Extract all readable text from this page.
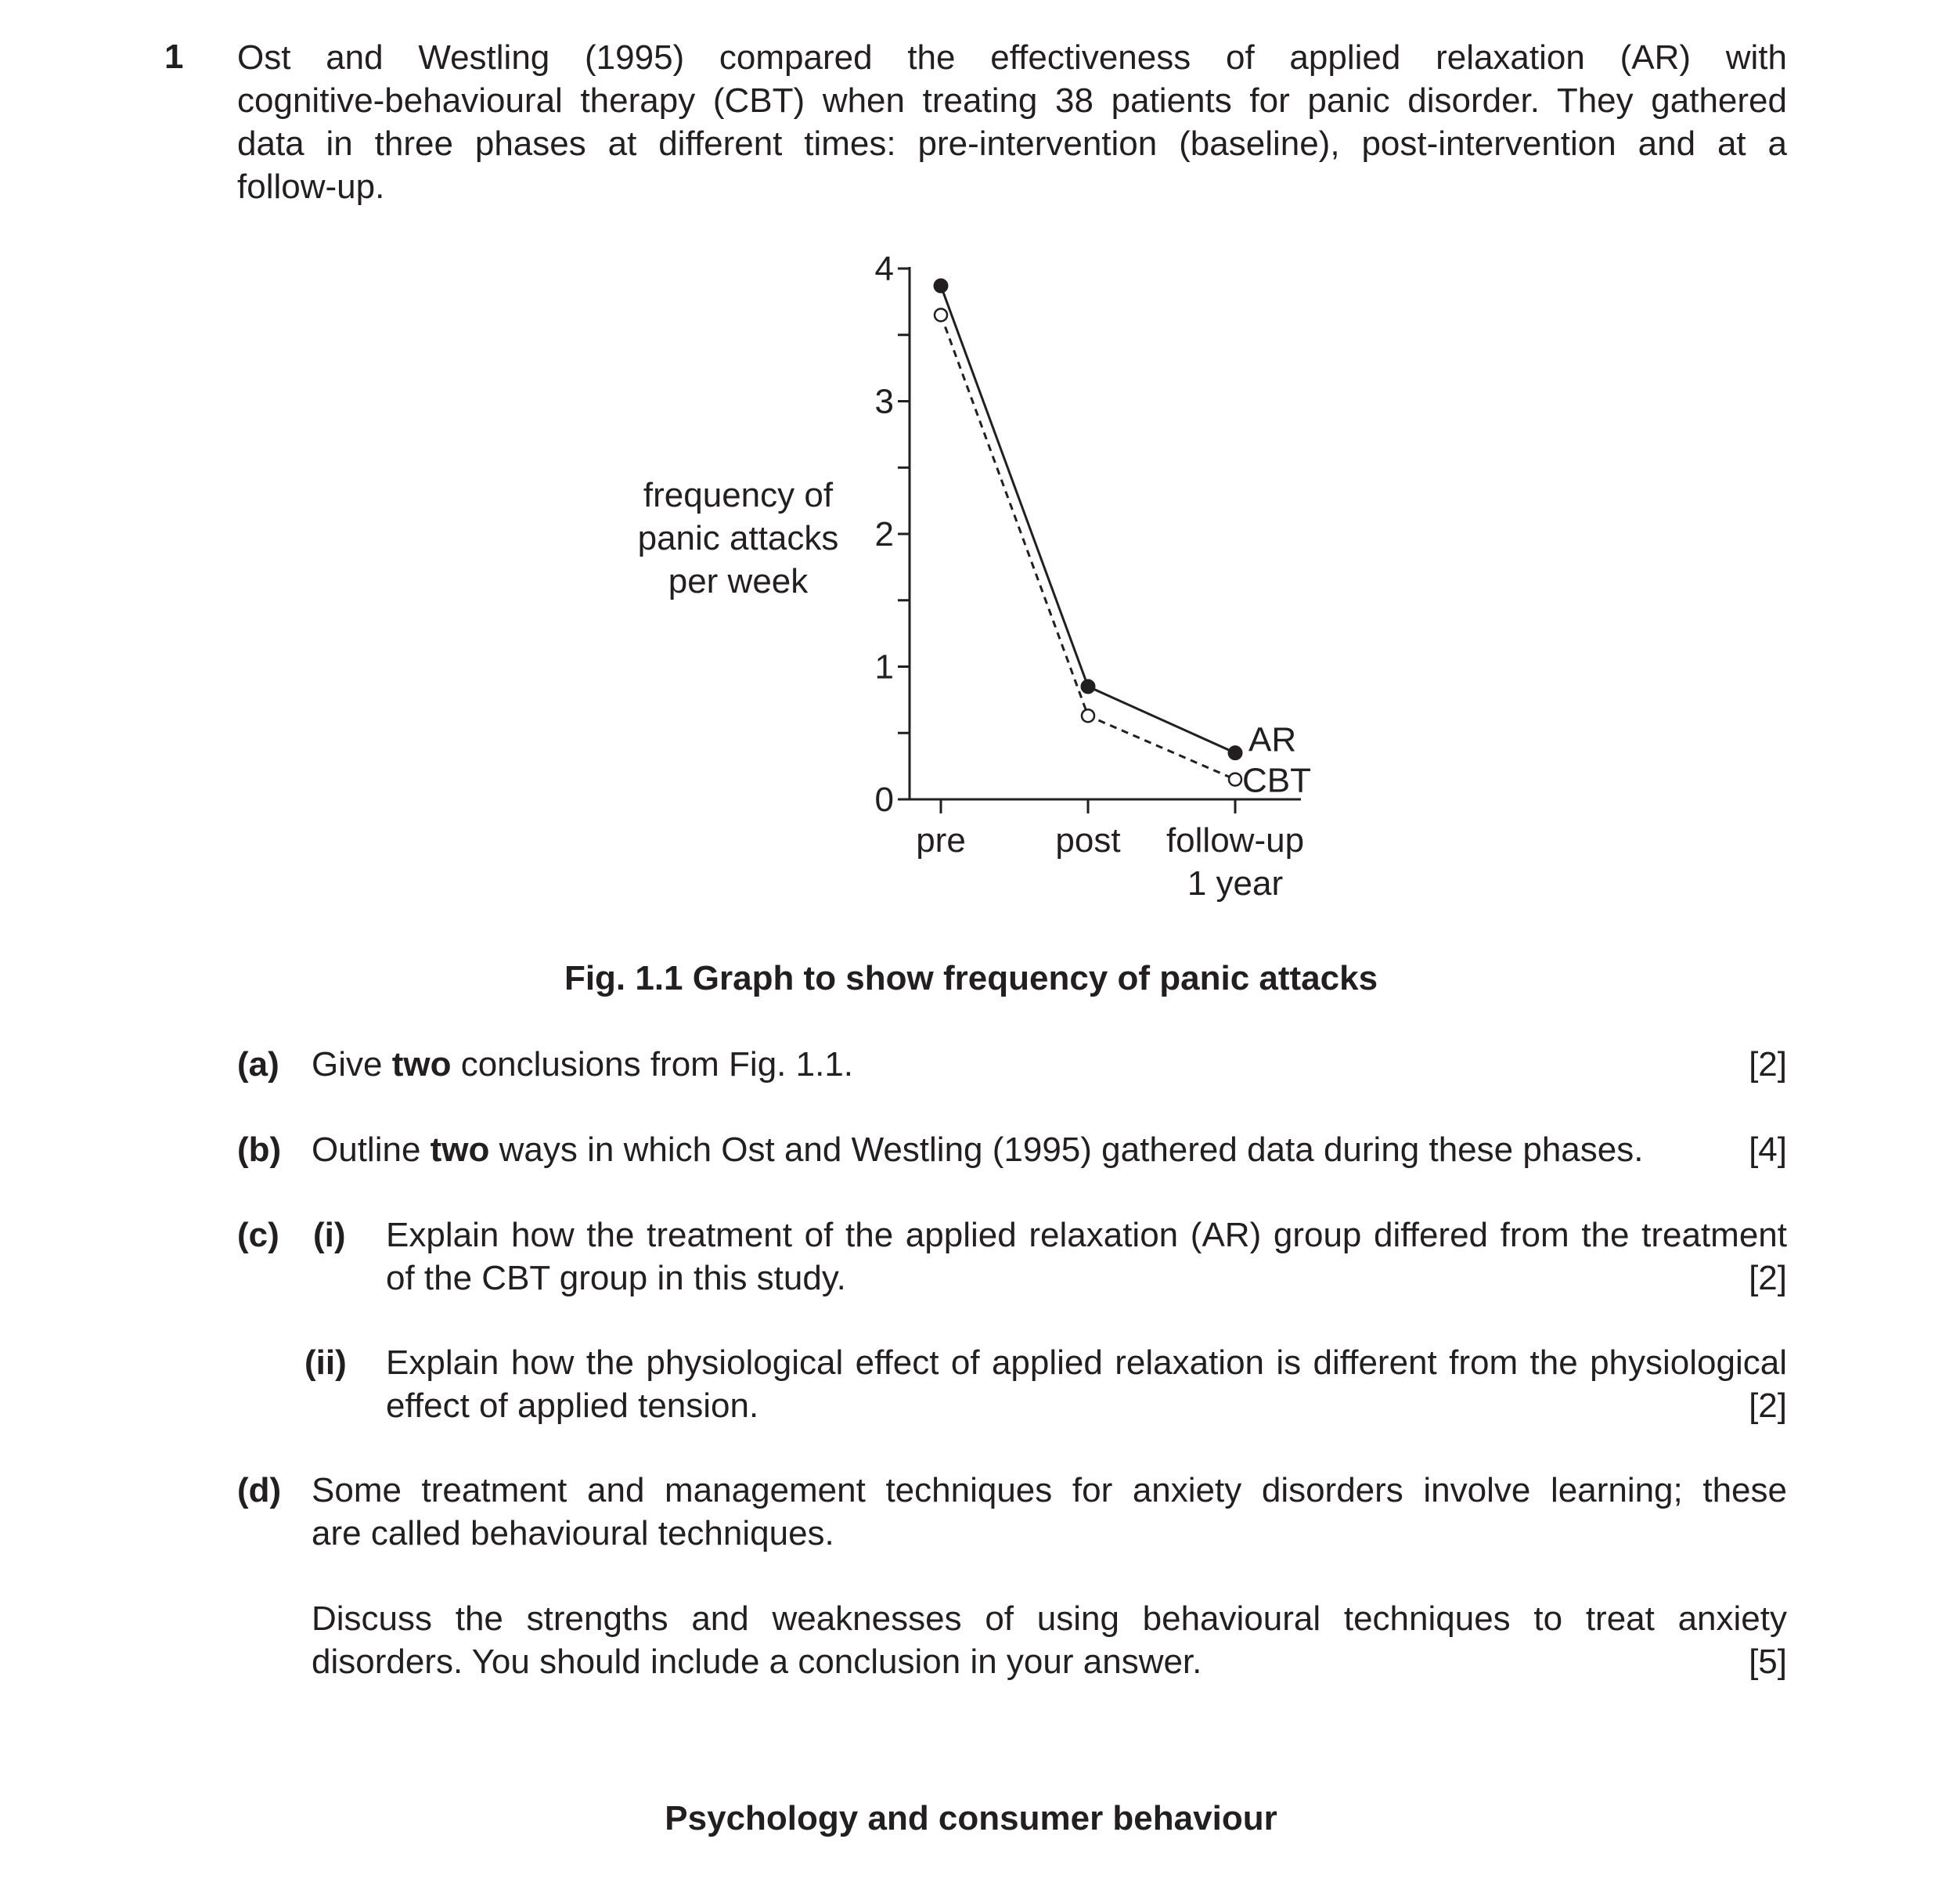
1 Ost and Westling (1995) compared the effectiveness of applied relaxation (AR) with
cognitive-behavioural therapy (CBT) when treating 38 patients for panic disorder. They gathered
data in three phases at different times: pre-intervention (baseline), post-intervention and at a
follow-up.
0
1
2
3
4
frequency of
panic attacks
per week
pre	post follow-up
1 year
AR
CBT
Fig. 1.1 Graph to show frequency of panic attacks
(a) Give two conclusions from Fig. 1.1.	[2]
(b) Outline two ways in which Ost and Westling (1995) gathered data during these phases.	[4]
(c) (i) Explain how the treatment of the applied relaxation (AR) group differed from the treatment
of the CBT group in this study.	[2]
(ii) Explain how the physiological effect of applied relaxation is different from the physiological
effect of applied tension.	[2]
(d) Some treatment and management techniques for anxiety disorders involve learning; these
are called behavioural techniques.
Discuss the strengths and weaknesses of using behavioural techniques to treat anxiety
disorders. You should include a conclusion in your answer.	[5]
Psychology and consumer behaviour
